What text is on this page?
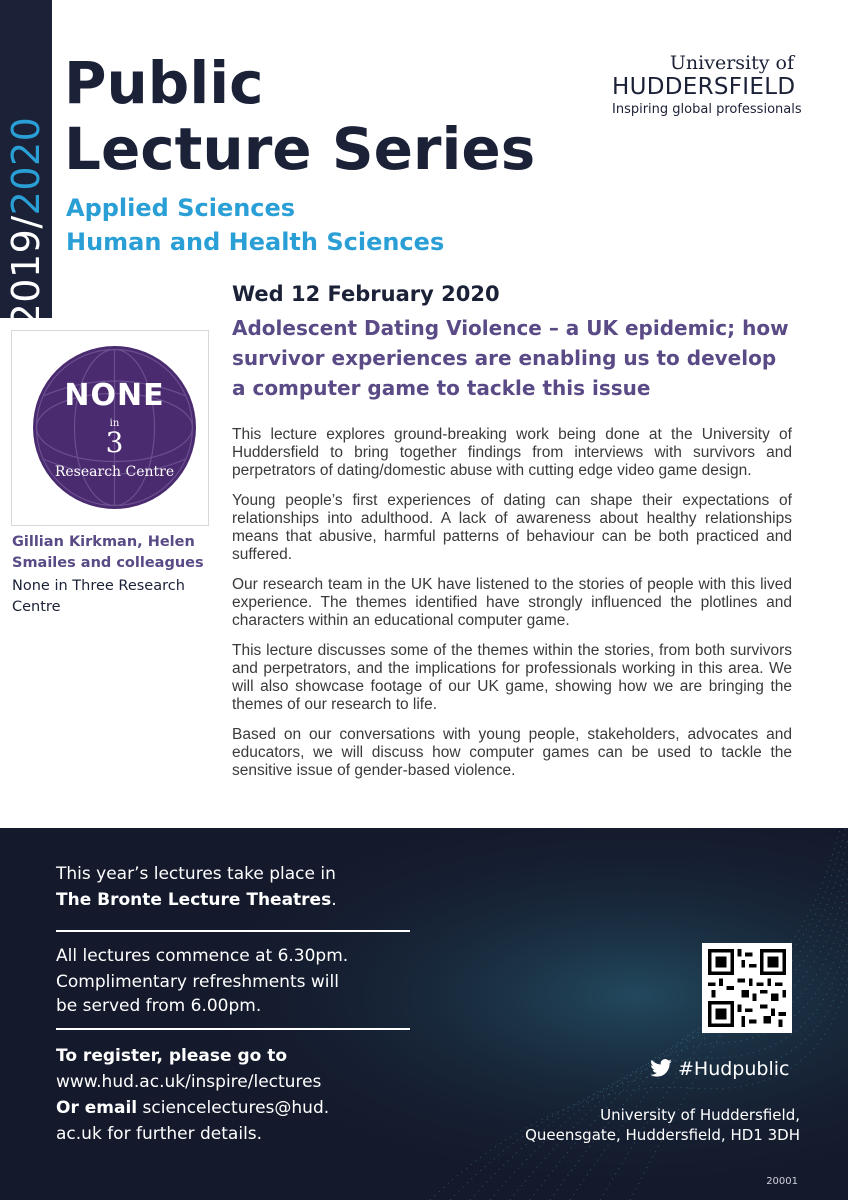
2019/2020
Public
Lecture Series
Applied Sciences
Human and Health Sciences
University of
HUDDERSFIELD
Inspiring global professionals
Wed 12 February 2020
Adolescent Dating Violence – a UK epidemic; how survivor experiences are enabling us to develop a computer game to tackle this issue
NONE
in
3
Research Centre
Gillian Kirkman, Helen Smailes and colleagues
None in Three Research Centre

This lecture explores ground-breaking work being done at the University of Huddersfield to bring together findings from interviews with survivors and perpetrators of dating/domestic abuse with cutting edge video game design.

Young people’s first experiences of dating can shape their expectations of relationships into adulthood. A lack of awareness about healthy relationships means that abusive, harmful patterns of behaviour can be both practiced and suffered.

Our research team in the UK have listened to the stories of people with this lived experience. The themes identified have strongly influenced the plotlines and characters within an educational computer game.

This lecture discusses some of the themes within the stories, from both survivors and perpetrators, and the implications for professionals working in this area. We will also showcase footage of our UK game, showing how we are bringing the themes of our research to life.

Based on our conversations with young people, stakeholders, advocates and educators, we will discuss how computer games can be used to tackle the sensitive issue of gender-based violence.

This year’s lectures take place in
The Bronte Lecture Theatres.
All lectures commence at 6.30pm.
Complimentary refreshments will
be served from 6.00pm.
To register, please go to
www.hud.ac.uk/inspire/lectures
Or email sciencelectures@hud.
ac.uk for further details.
#Hudpublic
University of Huddersfield,
Queensgate, Huddersfield, HD1 3DH
20001
